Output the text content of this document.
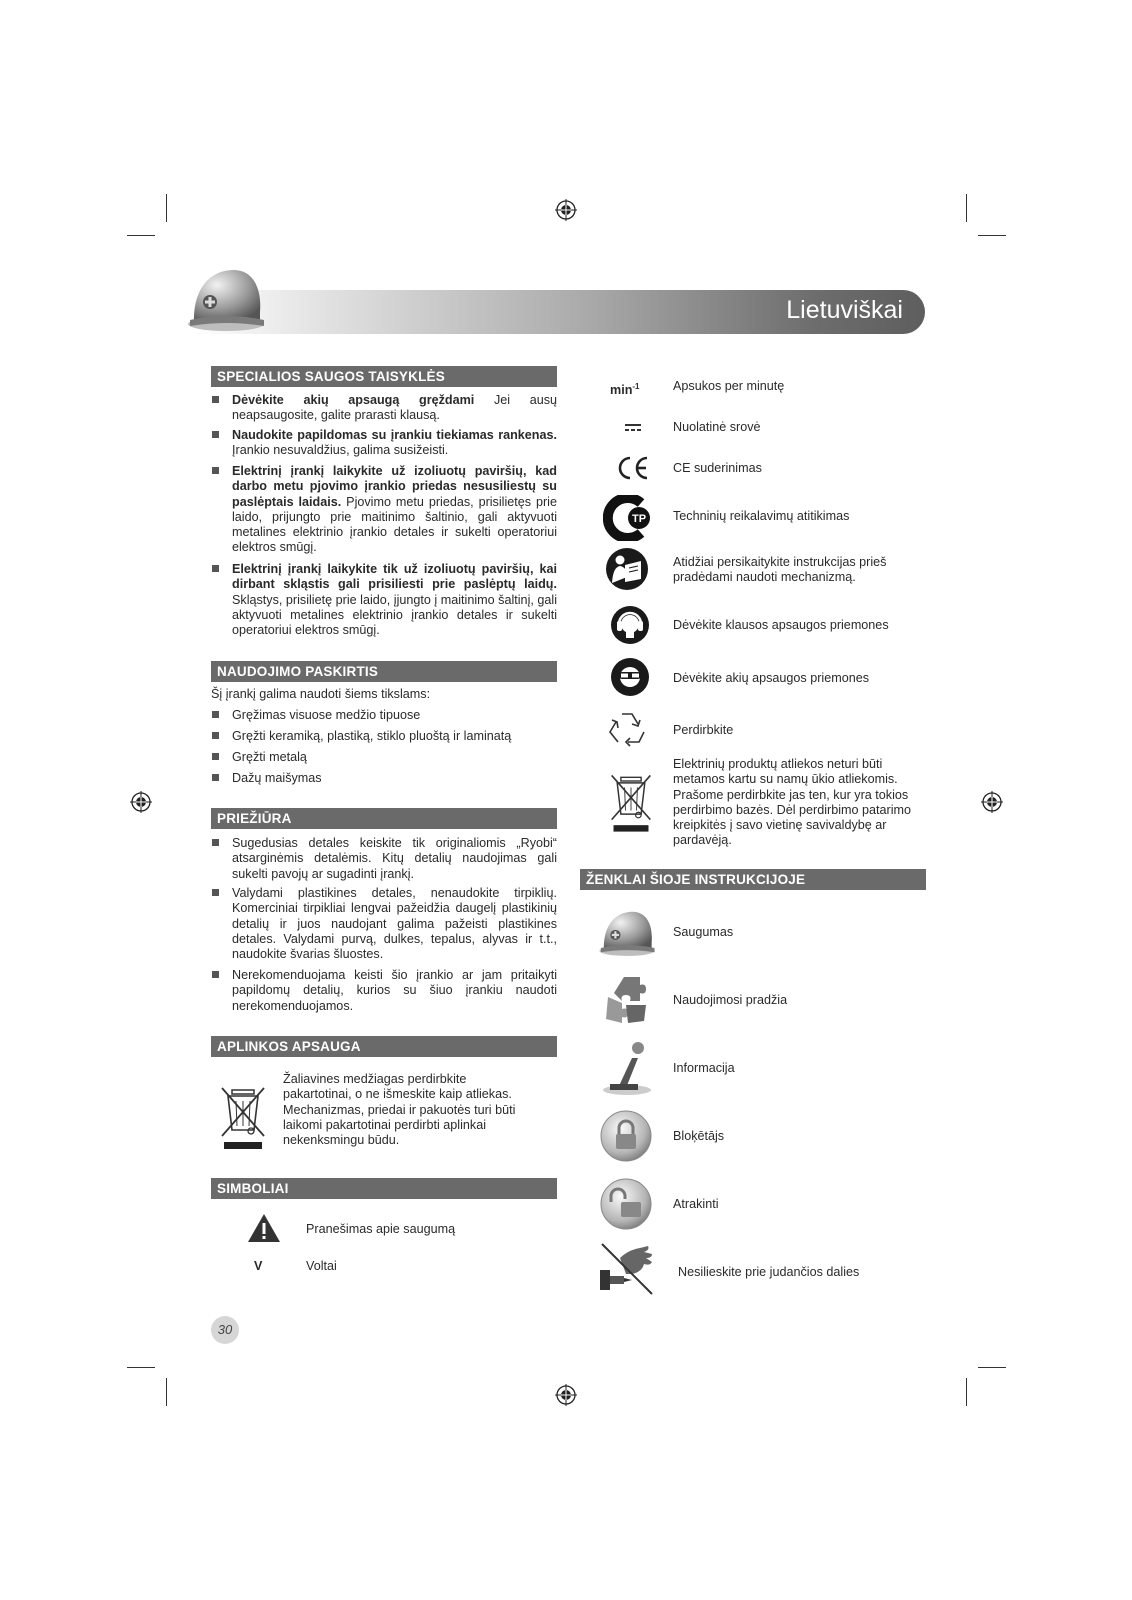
Lietuviškai
SPECIALIOS SAUGOS TAISYKLĖS
Dėvėkite akių apsaugą gręždami Jei ausų neapsaugosite, galite prarasti klausą.
Naudokite papildomas su įrankiu tiekiamas rankenas. Įrankio nesuvaldžius, galima susižeisti.
Elektrinį įrankį laikykite už izoliuotų paviršių, kad darbo metu pjovimo įrankio priedas nesusiliestų su paslėptais laidais. Pjovimo metu priedas, prisilietęs prie laido, prijungto prie maitinimo šaltinio, gali aktyvuoti metalines elektrinio įrankio detales ir sukelti operatoriui elektros smūgį.
Elektrinį įrankį laikykite tik už izoliuotų paviršių, kai dirbant skląstis gali prisiliesti prie paslėptų laidų. Skląstys, prisilietę prie laido, įjungto į maitinimo šaltinį, gali aktyvuoti metalines elektrinio įrankio detales ir sukelti operatoriui elektros smūgį.
NAUDOJIMO PASKIRTIS
Šį įrankį galima naudoti šiems tikslams:
Gręžimas visuose medžio tipuose
Gręžti keramiką, plastiką, stiklo pluoštą ir laminatą
Gręžti metalą
Dažų maišymas
PRIEŽIŪRA
Sugedusias detales keiskite tik originaliomis „Ryobi“ atsarginėmis detalėmis. Kitų detalių naudojimas gali sukelti pavojų ar sugadinti įrankį.
Valydami plastikines detales, nenaudokite tirpiklių. Komerciniai tirpikliai lengvai pažeidžia daugelį plastikinių detalių ir juos naudojant galima pažeisti plastikines detales. Valydami purvą, dulkes, tepalus, alyvas ir t.t., naudokite švarias šluostes.
Nerekomenduojama keisti šio įrankio ar jam pritaikyti papildomų detalių, kurios su šiuo įrankiu naudoti nerekomenduojamos.
APLINKOS APSAUGA
Žaliavines medžiagas perdirbkite pakartotinai, o ne išmeskite kaip atliekas. Mechanizmas, priedai ir pakuotės turi būti laikomi pakartotinai perdirbti aplinkai nekenksmingu būdu.
SIMBOLIAI
Pranešimas apie saugumą
V	Voltai
30
$\min^{-1}$	Apsukos per minutę
Nuolatinė srovė
CE suderinimas
TP Techninių reikalavimų atitikimas
Atidžiai persikaitykite instrukcijas prieš pradėdami naudoti mechanizmą.
Dėvėkite klausos apsaugos priemones
Dėvėkite akių apsaugos priemones
Perdirbkite
Elektrinių produktų atliekos neturi būti metamos kartu su namų ūkio atliekomis. Prašome perdirbkite jas ten, kur yra tokios perdirbimo bazės. Dėl perdirbimo patarimo kreipkitės į savo vietinę savivaldybę ar pardavėją.
ŽENKLAI ŠIOJE INSTRUKCIJOJE
Saugumas
Naudojimosi pradžia
Informacija
Bloķētājs
Atrakinti
Nesilieskite prie judančios dalies
